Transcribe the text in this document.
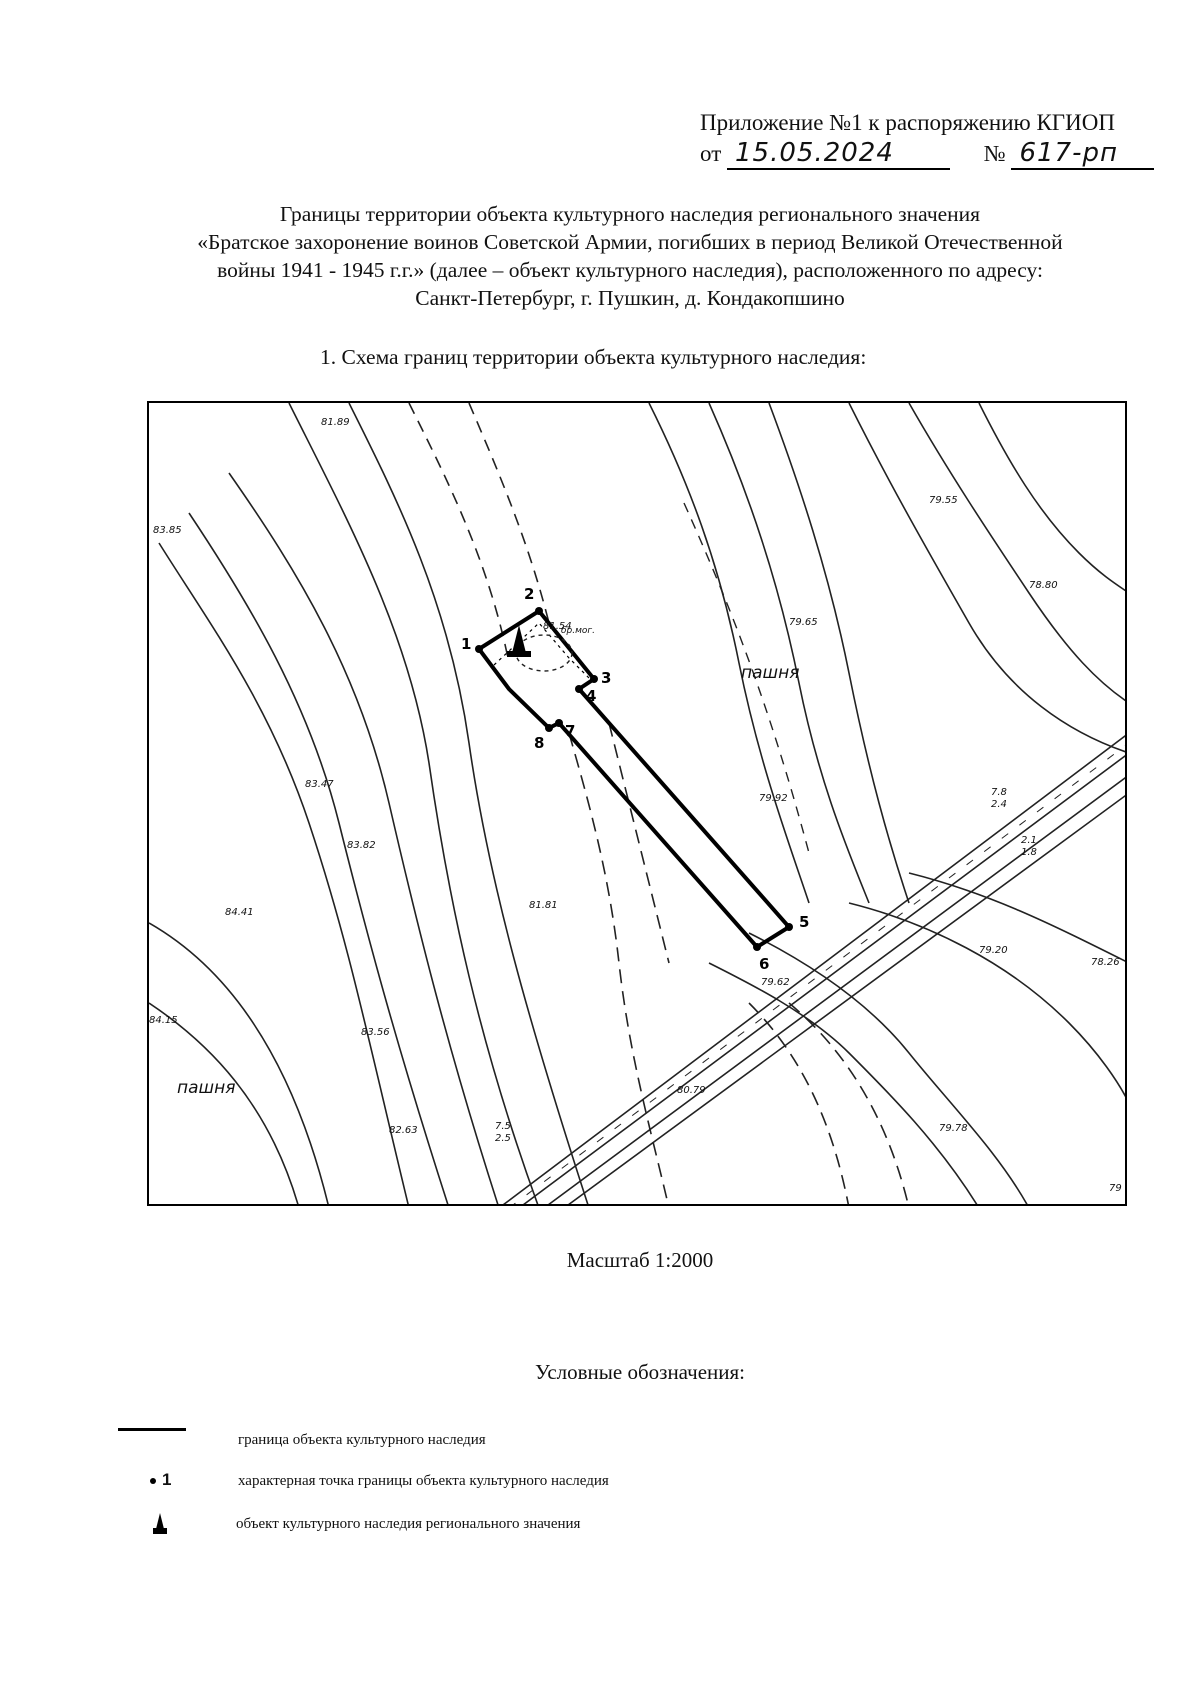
Приложение №1 к распоряжению КГИОП
от 15.05.2024	№ 617-рп
Границы территории объекта культурного наследия регионального значения
«Братское захоронение воинов Советской Армии, погибших в период Великой Отечественной
войны 1941 - 1945 г.г.» (далее – объект культурного наследия), расположенного по адресу:
Санкт-Петербург, г. Пушкин, д. Кондакопшино
1. Схема границ территории объекта культурного наследия:
1
2
3
4
5
6
7
8
81.89
83.85
81.54
79.55
78.80
79.65
83.47
83.82
84.41
81.81
79.92
79.20
78.26
79.62
84.15
83.56
82.63
80.79
79.78
79
7.8
2.4
2.1
1.8
7.5
2.5
бр.мог.
пашня
пашня
Масштаб 1:2000
Условные обозначения:
граница объекта культурного наследия
1	характерная точка границы объекта культурного наследия
объект культурного наследия регионального значения
